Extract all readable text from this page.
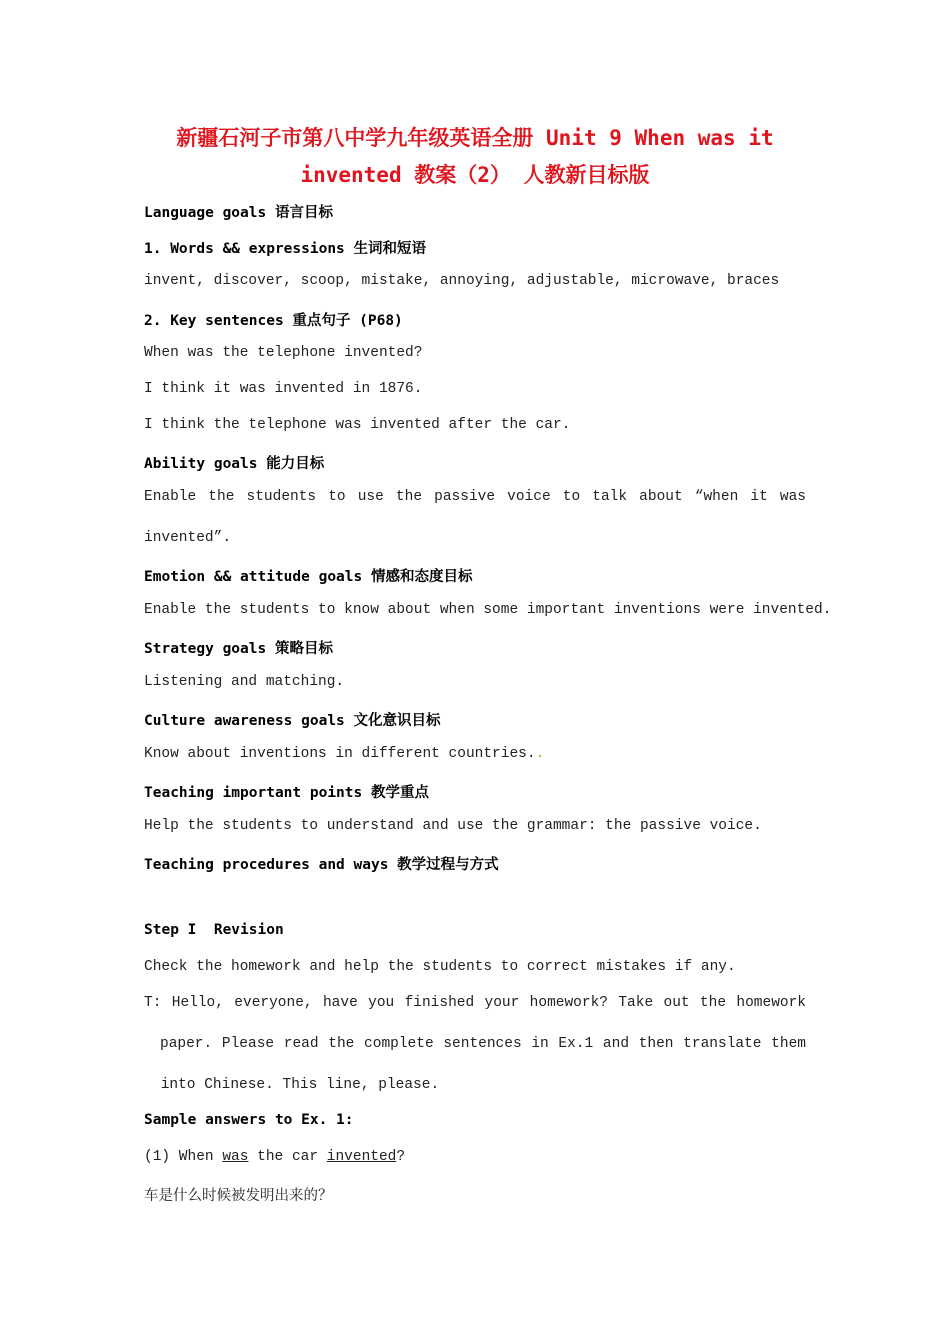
新疆石河子市第八中学九年级英语全册 Unit 9 When was it
invented 教案（2） 人教新目标版
Language goals 语言目标
1. Words && expressions 生词和短语
invent, discover, scoop, mistake, annoying, adjustable, microwave, braces
2. Key sentences 重点句子 (P68)
When was the telephone invented?
I think it was invented in 1876.
I think the telephone was invented after the car.
Ability goals 能力目标
Enable the students to use the passive voice to talk about “when it was
invented”.
Emotion && attitude goals 情感和态度目标
Enable the students to know about when some important inventions were invented.
Strategy goals 策略目标
Listening and matching.
Culture awareness goals 文化意识目标
Know about inventions in different countries..
Teaching important points 教学重点
Help the students to understand and use the grammar: the passive voice.
Teaching procedures and ways 教学过程与方式
Step I  Revision
Check the homework and help the students to correct mistakes if any.
T: Hello, everyone, have you finished your homework? Take out the homework
paper. Please read the complete sentences in Ex.1 and then translate them
into Chinese. This line, please.
Sample answers to Ex. 1:
(1) When was the car invented?
车是什么时候被发明出来的？
